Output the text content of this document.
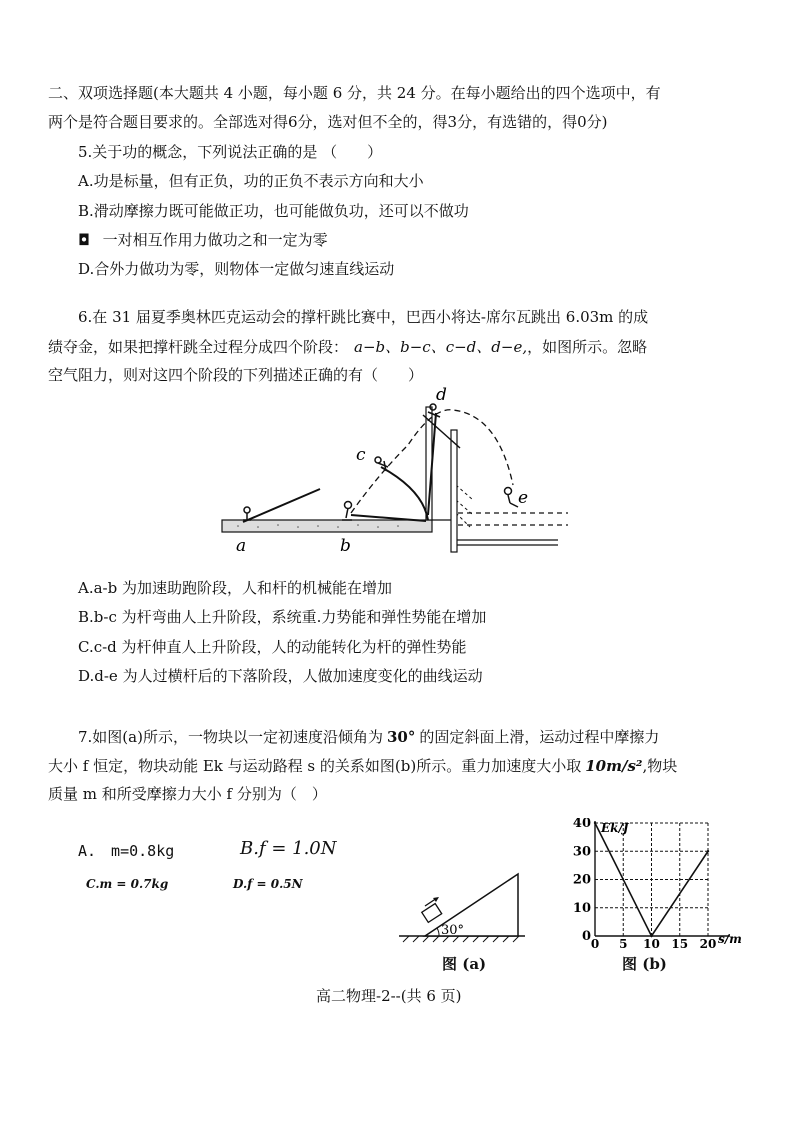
二、双项选择题(本大题共 4 小题，每小题 6 分，共 24 分。在每小题给出的四个选项中，有
两个是符合题目要求的。全部选对得6分，选对但不全的，得3分，有选错的，得0分)
5.关于功的概念，下列说法正确的是 （　　）
A.功是标量，但有正负，功的正负不表示方向和大小
B.滑动摩擦力既可能做正功，也可能做负功，还可以不做功
◘ 一对相互作用力做功之和一定为零
D.合外力做功为零，则物体一定做匀速直线运动
6.在 31 届夏季奥林匹克运动会的撑杆跳比赛中，巴西小将达-席尔瓦跳出 6.03m 的成
绩夺金，如果把撑杆跳全过程分成四个阶段： a−b、b−c、c−d、d−e,，如图所示。忽略
空气阻力，则对这四个阶段的下列描述正确的有（　　）
a	b
c
d
e
A.a-b 为加速助跑阶段，人和杆的机械能在增加
B.b-c 为杆弯曲人上升阶段，系统重.力势能和弹性势能在增加
C.c-d 为杆伸直人上升阶段，人的动能转化为杆的弹性势能
D.d-e 为人过横杆后的下落阶段，人做加速度变化的曲线运动
7.如图(a)所示，一物块以一定初速度沿倾角为 30° 的固定斜面上滑，运动过程中摩擦力
大小 f 恒定，物块动能 Ek 与运动路程 s 的关系如图(b)所示。重力加速度大小取 10m/s²,物块
质量 m 和所受摩擦力大小 f 分别为（　）
A.　m=0.8kg	B.f = 1.0N
C.m = 0.7kg	D.f = 0.5N
30°
图 (a)
0 5 10 15 20
0
10
20
30
40 Ek/J
s/m
图 (b)
高二物理-2--(共 6 页)
